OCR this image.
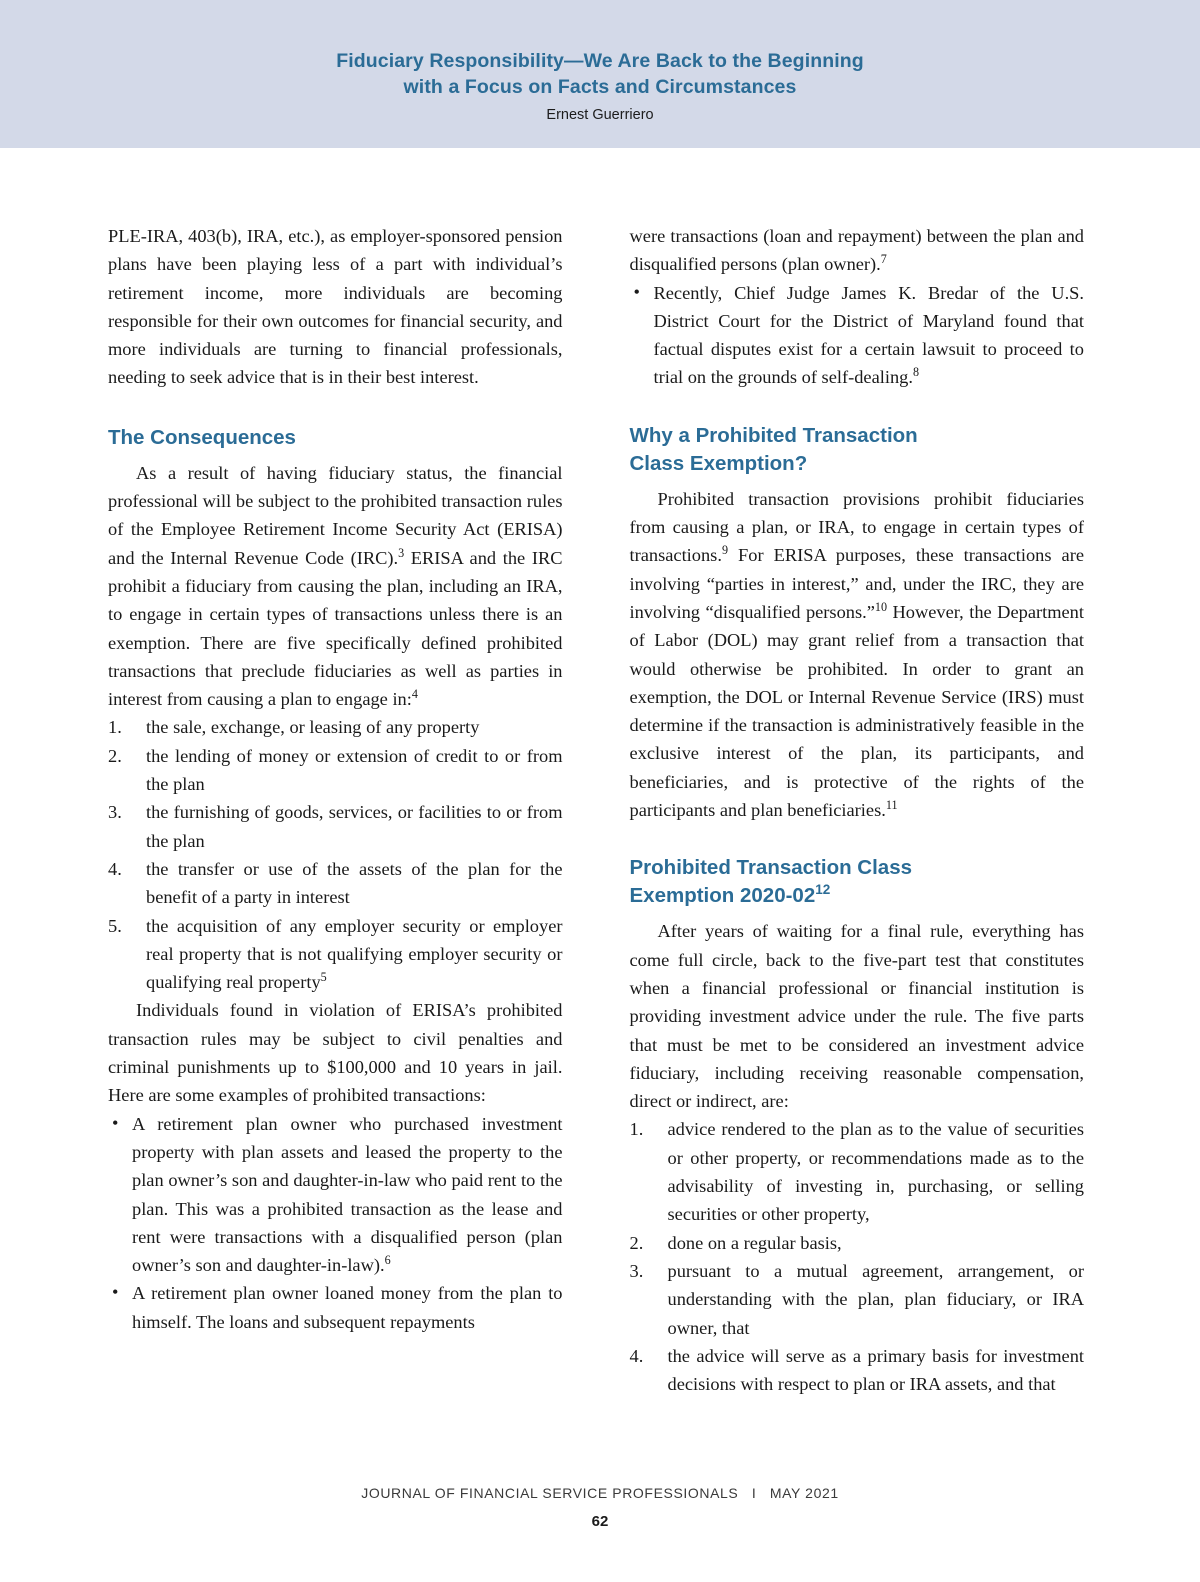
Fiduciary Responsibility—We Are Back to the Beginning
with a Focus on Facts and Circumstances
Ernest Guerriero

PLE-IRA, 403(b), IRA, etc.), as employer-sponsored pension plans have been playing less of a part with individual’s retirement income, more individuals are becoming responsible for their own outcomes for financial security, and more individuals are turning to financial professionals, needing to seek advice that is in their best interest.

The Consequences

As a result of having fiduciary status, the financial professional will be subject to the prohibited transaction rules of the Employee Retirement Income Security Act (ERISA) and the Internal Revenue Code (IRC).$^3$ ERISA and the IRC prohibit a fiduciary from causing the plan, including an IRA, to engage in certain types of transactions unless there is an exemption. There are five specifically defined prohibited transactions that preclude fiduciaries as well as parties in interest from causing a plan to engage in:$^4$

1.	the sale, exchange, or leasing of any property
2.	the lending of money or extension of credit to or from the plan
3.	the furnishing of goods, services, or facilities to or from the plan
4.	the transfer or use of the assets of the plan for the benefit of a party in interest
5.	the acquisition of any employer security or employer real property that is not qualifying employer security or qualifying real property$^5$

Individuals found in violation of ERISA’s prohibited transaction rules may be subject to civil penalties and criminal punishments up to $100,000 and 10 years in jail. Here are some examples of prohibited transactions:

• A retirement plan owner who purchased investment property with plan assets and leased the property to the plan owner’s son and daughter-in-law who paid rent to the plan. This was a prohibited transaction as the lease and rent were transactions with a disqualified person (plan owner’s son and daughter-in-law).$^6$
• A retirement plan owner loaned money from the plan to himself. The loans and subsequent repayments

were transactions (loan and repayment) between the plan and disqualified persons (plan owner).$^7$

• Recently, Chief Judge James K. Bredar of the U.S. District Court for the District of Maryland found that factual disputes exist for a certain lawsuit to proceed to trial on the grounds of self-dealing.$^8$
Why a Prohibited Transaction
Class Exemption?

Prohibited transaction provisions prohibit fiduciaries from causing a plan, or IRA, to engage in certain types of transactions.$^9$ For ERISA purposes, these transactions are involving “parties in interest,” and, under the IRC, they are involving “disqualified persons.”$^{10}$ However, the Department of Labor (DOL) may grant relief from a transaction that would otherwise be prohibited. In order to grant an exemption, the DOL or Internal Revenue Service (IRS) must determine if the transaction is administratively feasible in the exclusive interest of the plan, its participants, and beneficiaries, and is protective of the rights of the participants and plan beneficiaries.$^{11}$

Prohibited Transaction Class
Exemption $2020-02^{12}$

After years of waiting for a final rule, everything has come full circle, back to the five-part test that constitutes when a financial professional or financial institution is providing investment advice under the rule. The five parts that must be met to be considered an investment advice fiduciary, including receiving reasonable compensation, direct or indirect, are:

1.	advice rendered to the plan as to the value of securities or other property, or recommendations made as to the advisability of investing in, purchasing, or selling securities or other property,
2.	done on a regular basis,
3.	pursuant to a mutual agreement, arrangement, or understanding with the plan, plan fiduciary, or IRA owner, that
4.	the advice will serve as a primary basis for investment decisions with respect to plan or IRA assets, and that
JOURNAL OF FINANCIAL SERVICE PROFESSIONALS I MAY 2021
62
